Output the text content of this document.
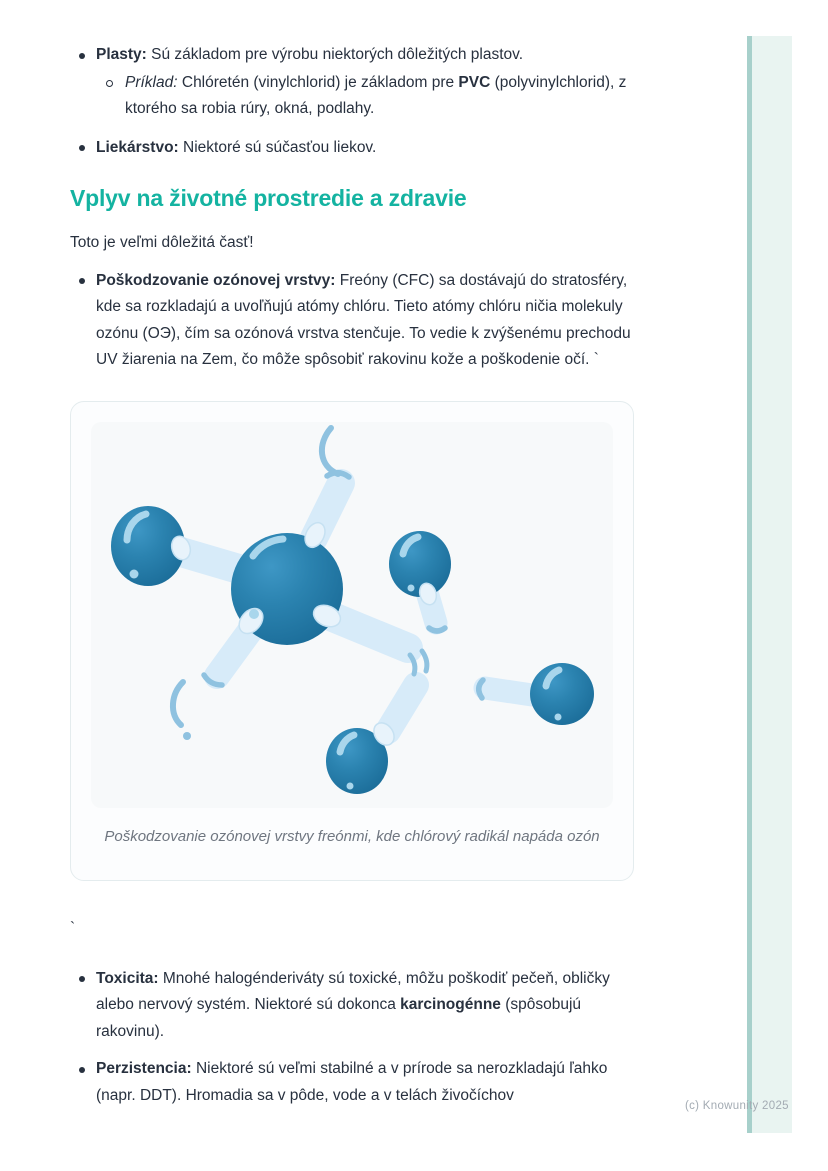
Plasty: Sú základom pre výrobu niektorých dôležitých plastov.
Príklad: Chlóretén (vinylchlorid) je základom pre PVC (polyvinylchlorid), z ktorého sa robia rúry, okná, podlahy.
Liekárstvo: Niektoré sú súčasťou liekov.
Vplyv na životné prostredie a zdravie

Toto je veľmi dôležitá časť!

Poškodzovanie ozónovej vrstvy: Freóny (CFC) sa dostávajú do stratosféry, kde sa rozkladajú a uvoľňujú atómy chlóru. Tieto atómy chlóru ničia molekuly ozónu (OЭ), čím sa ozónová vrstva stenčuje. To vedie k zvýšenému prechodu UV žiarenia na Zem, čo môže spôsobiť rakovinu kože a poškodenie očí. `
Poškodzovanie ozónovej vrstvy freónmi, kde chlórový radikál napáda ozón
`
Toxicita: Mnohé halogénderiváty sú toxické, môžu poškodiť pečeň, obličky alebo nervový systém. Niektoré sú dokonca karcinogénne (spôsobujú rakovinu).
Perzistencia: Niektoré sú veľmi stabilné a v prírode sa nerozkladajú ľahko (napr. DDT). Hromadia sa v pôde, vode a v telách živočíchov
(c) Knowunity 2025
